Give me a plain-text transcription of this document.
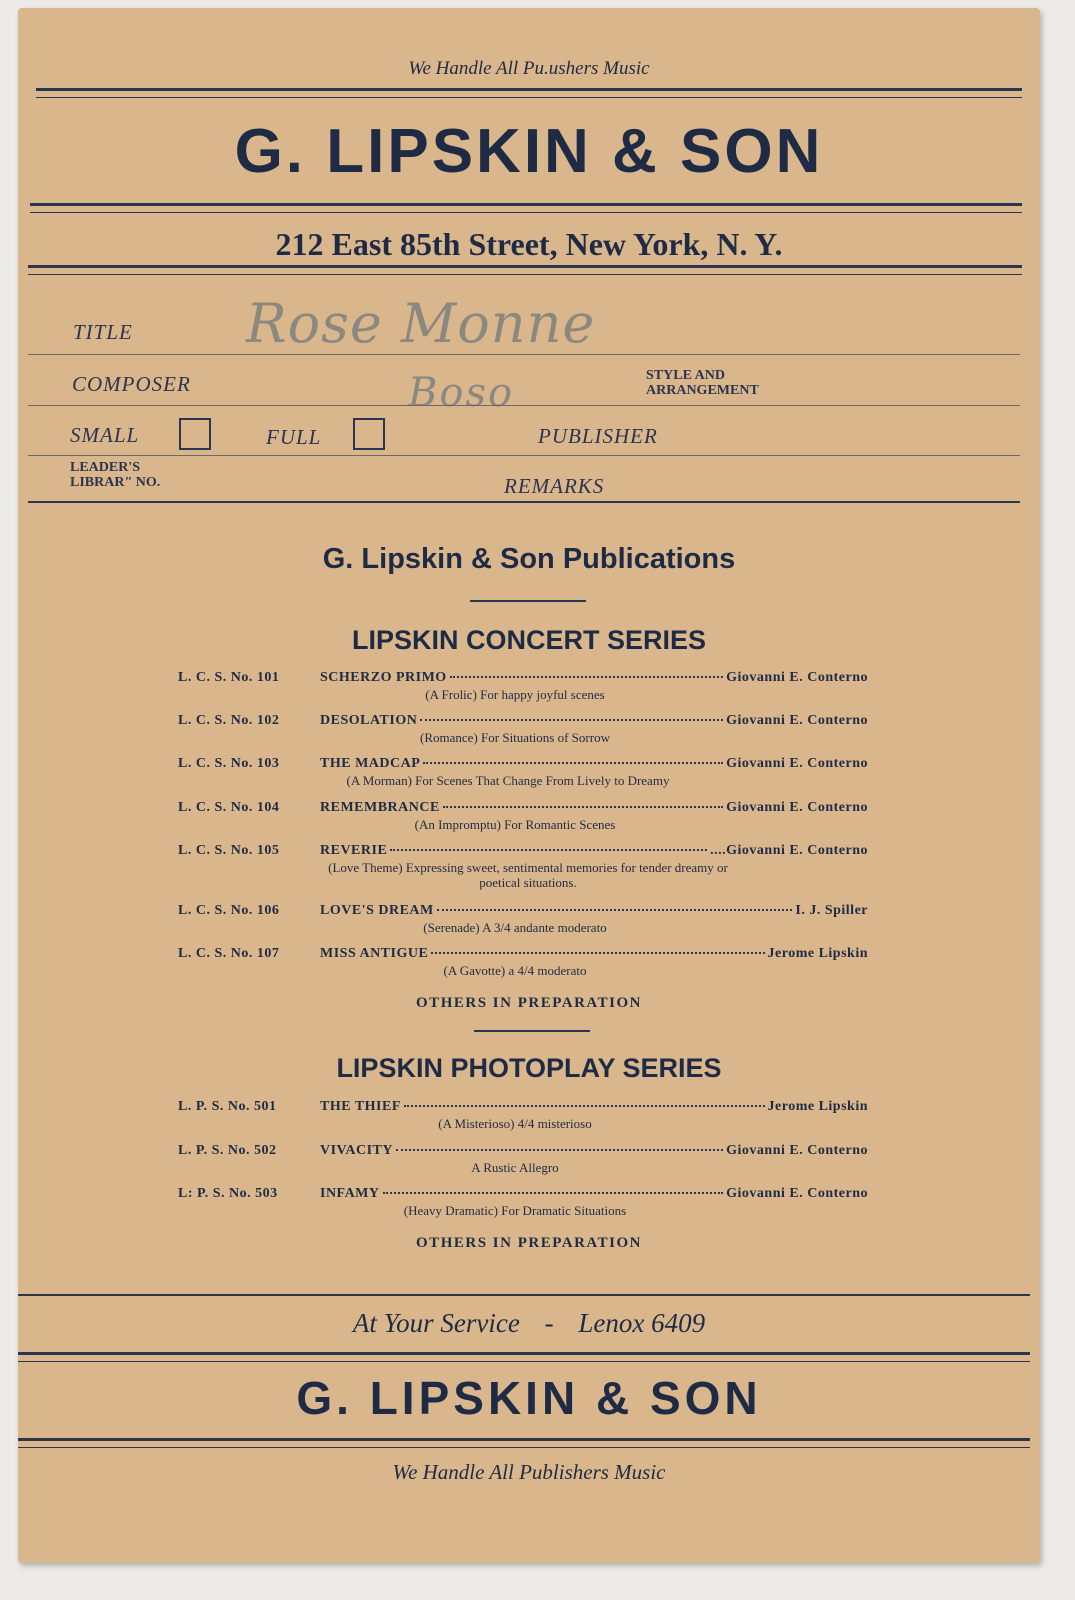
We Handle All Pu.ushers Music
G. LIPSKIN & SON
212 East 85th Street, New York, N. Y.
TITLE Rose Monne
COMPOSER	Boso	STYLE AND ARRANGEMENT
SMALL	FULL	PUBLISHER
LEADER'S
LIBRAR" NO.	REMARKS
G. Lipskin & Son Publications
LIPSKIN CONCERT SERIES
L. C. S. No. 101	SCHERZO PRIMO	Giovanni E. Conterno
(A Frolic) For happy joyful scenes
L. C. S. No. 102	DESOLATION	Giovanni E. Conterno
(Romance) For Situations of Sorrow
L. C. S. No. 103	THE MADCAP	Giovanni E. Conterno
(A Morman) For Scenes That Change From Lively to Dreamy
L. C. S. No. 104	REMEMBRANCE	Giovanni E. Conterno
(An Impromptu) For Romantic Scenes
L. C. S. No. 105	REVERIE	....Giovanni E. Conterno
(Love Theme) Expressing sweet, sentimental memories for tender dreamy or poetical situations.
L. C. S. No. 106	LOVE'S DREAM	I. J. Spiller
(Serenade) A 3/4 andante moderato
L. C. S. No. 107	MISS ANTIGUE	Jerome Lipskin
(A Gavotte) a 4/4 moderato
OTHERS IN PREPARATION
LIPSKIN PHOTOPLAY SERIES
L. P. S. No. 501	THE THIEF	Jerome Lipskin
(A Misterioso) 4/4 misterioso
L. P. S. No. 502	VIVACITY	Giovanni E. Conterno
A Rustic Allegro
L: P. S. No. 503	INFAMY	Giovanni E. Conterno
(Heavy Dramatic) For Dramatic Situations
OTHERS IN PREPARATION
At Your Service - Lenox 6409
G. LIPSKIN & SON
We Handle All Publishers Music
